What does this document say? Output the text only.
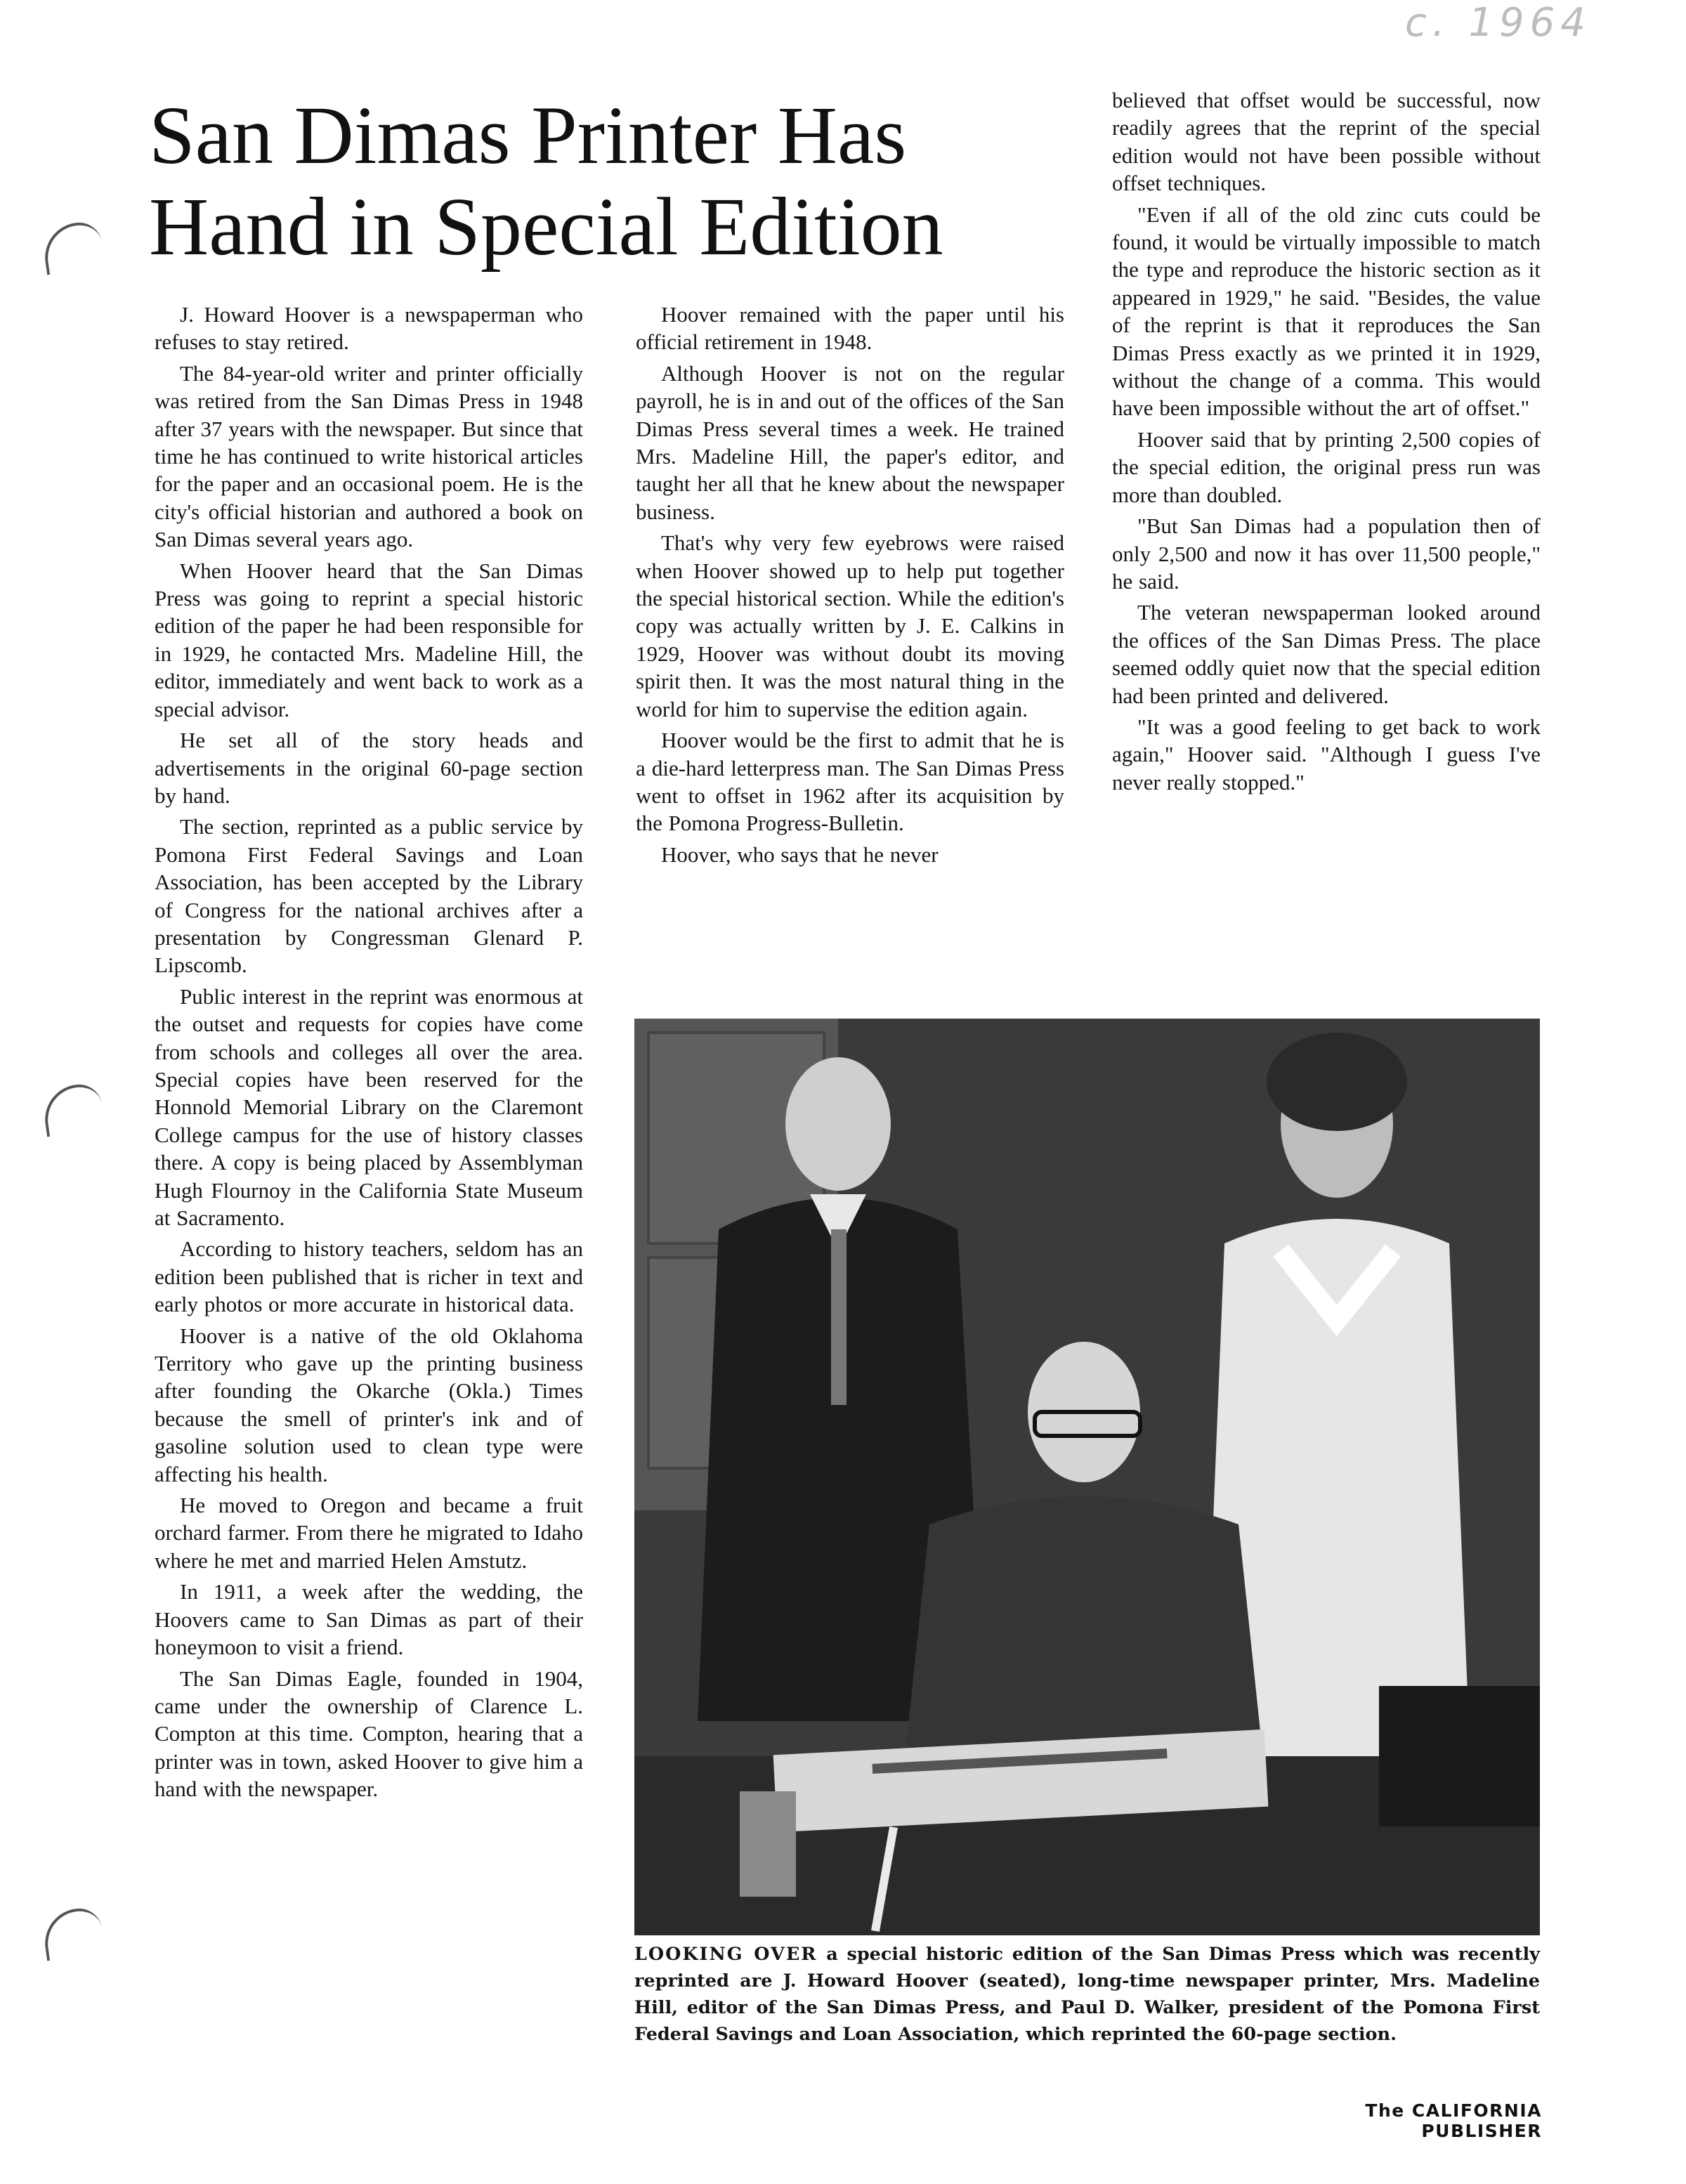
c. 1964

San Dimas Printer Has Hand in Special Edition

J. Howard Hoover is a newspaperman who refuses to stay retired.

The 84-year-old writer and printer officially was retired from the San Dimas Press in 1948 after 37 years with the newspaper. But since that time he has continued to write historical articles for the paper and an occasional poem. He is the city's official historian and authored a book on San Dimas several years ago.

When Hoover heard that the San Dimas Press was going to reprint a special historic edition of the paper he had been responsible for in 1929, he contacted Mrs. Madeline Hill, the editor, immediately and went back to work as a special advisor.

He set all of the story heads and advertisements in the original 60-page section by hand.

The section, reprinted as a public service by Pomona First Federal Savings and Loan Association, has been accepted by the Library of Congress for the national archives after a presentation by Congressman Glenard P. Lipscomb.

Public interest in the reprint was enormous at the outset and requests for copies have come from schools and colleges all over the area. Special copies have been reserved for the Honnold Memorial Library on the Claremont College campus for the use of history classes there. A copy is being placed by Assemblyman Hugh Flournoy in the California State Museum at Sacramento.

According to history teachers, seldom has an edition been published that is richer in text and early photos or more accurate in historical data.

Hoover is a native of the old Oklahoma Territory who gave up the printing business after founding the Okarche (Okla.) Times because the smell of printer's ink and of gasoline solution used to clean type were affecting his health.

He moved to Oregon and became a fruit orchard farmer. From there he migrated to Idaho where he met and married Helen Amstutz.

In 1911, a week after the wedding, the Hoovers came to San Dimas as part of their honeymoon to visit a friend.

The San Dimas Eagle, founded in 1904, came under the ownership of Clarence L. Compton at this time. Compton, hearing that a printer was in town, asked Hoover to give him a hand with the newspaper.

Hoover remained with the paper until his official retirement in 1948.

Although Hoover is not on the regular payroll, he is in and out of the offices of the San Dimas Press several times a week. He trained Mrs. Madeline Hill, the paper's editor, and taught her all that he knew about the newspaper business.

That's why very few eyebrows were raised when Hoover showed up to help put together the special historical section. While the edition's copy was actually written by J. E. Calkins in 1929, Hoover was without doubt its moving spirit then. It was the most natural thing in the world for him to supervise the edition again.

Hoover would be the first to admit that he is a die-hard letterpress man. The San Dimas Press went to offset in 1962 after its acquisition by the Pomona Progress-Bulletin.

Hoover, who says that he never

believed that offset would be successful, now readily agrees that the reprint of the special edition would not have been possible without offset techniques.

"Even if all of the old zinc cuts could be found, it would be virtually impossible to match the type and reproduce the historic section as it appeared in 1929," he said. "Besides, the value of the reprint is that it reproduces the San Dimas Press exactly as we printed it in 1929, without the change of a comma. This would have been impossible without the art of offset."

Hoover said that by printing 2,500 copies of the special edition, the original press run was more than doubled.

"But San Dimas had a population then of only 2,500 and now it has over 11,500 people," he said.

The veteran newspaperman looked around the offices of the San Dimas Press. The place seemed oddly quiet now that the special edition had been printed and delivered.

"It was a good feeling to get back to work again," Hoover said. "Although I guess I've never really stopped."

LOOKING OVER a special historic edition of the San Dimas Press which was recently reprinted are J. Howard Hoover (seated), long-time newspaper printer, Mrs. Madeline Hill, editor of the San Dimas Press, and Paul D. Walker, president of the Pomona First Federal Savings and Loan Association, which reprinted the 60-page section.

The CALIFORNIA PUBLISHER
